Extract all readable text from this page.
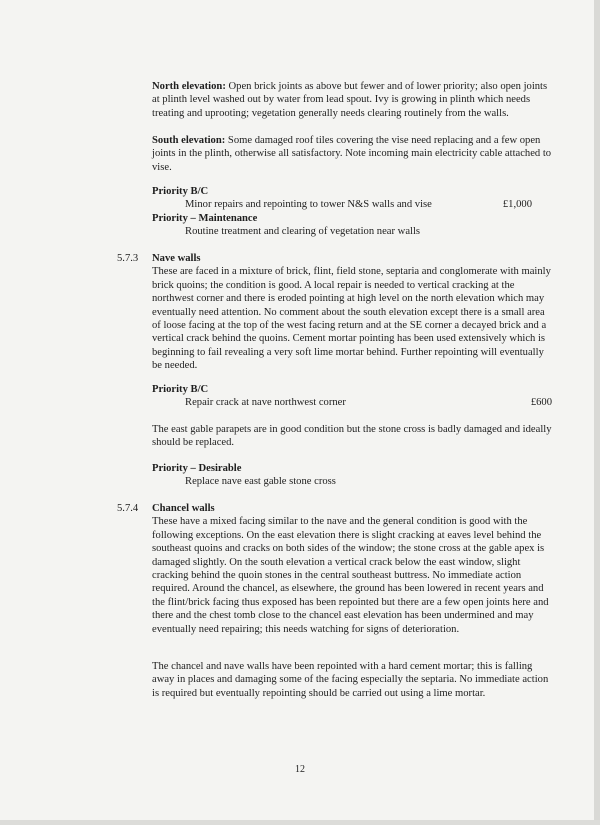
North elevation: Open brick joints as above but fewer and of lower priority; also open joints at plinth level washed out by water from lead spout. Ivy is growing in plinth which needs treating and uprooting; vegetation generally needs clearing routinely from the walls.

South elevation: Some damaged roof tiles covering the vise need replacing and a few open joints in the plinth, otherwise all satisfactory. Note incoming main electricity cable attached to vise.

Priority B/C
Minor repairs and repointing to tower N&S walls and vise	£1,000
Priority – Maintenance
Routine treatment and clearing of vegetation near walls
5.7.3 Nave walls

These are faced in a mixture of brick, flint, field stone, septaria and conglomerate with mainly brick quoins; the condition is good. A local repair is needed to vertical cracking at the northwest corner and there is eroded pointing at high level on the north elevation which may eventually need attention. No comment about the south elevation except there is a small area of loose facing at the top of the west facing return and at the SE corner a decayed brick and a vertical crack behind the quoins. Cement mortar pointing has been used extensively which is beginning to fail revealing a very soft lime mortar behind. Further repointing will eventually be needed.

Priority B/C
Repair crack at nave northwest corner	£600

The east gable parapets are in good condition but the stone cross is badly damaged and ideally should be replaced.

Priority – Desirable
Replace nave east gable stone cross
5.7.4 Chancel walls

These have a mixed facing similar to the nave and the general condition is good with the following exceptions. On the east elevation there is slight cracking at eaves level behind the southeast quoins and cracks on both sides of the window; the stone cross at the gable apex is damaged slightly. On the south elevation a vertical crack below the east window, slight cracking behind the quoin stones in the central southeast buttress. No immediate action required. Around the chancel, as elsewhere, the ground has been lowered in recent years and the flint/brick facing thus exposed has been repointed but there are a few open joints here and there and the chest tomb close to the chancel east elevation has been undermined and may eventually need repairing; this needs watching for signs of deterioration.

The chancel and nave walls have been repointed with a hard cement mortar; this is falling away in places and damaging some of the facing especially the septaria. No immediate action is required but eventually repointing should be carried out using a lime mortar.

12
